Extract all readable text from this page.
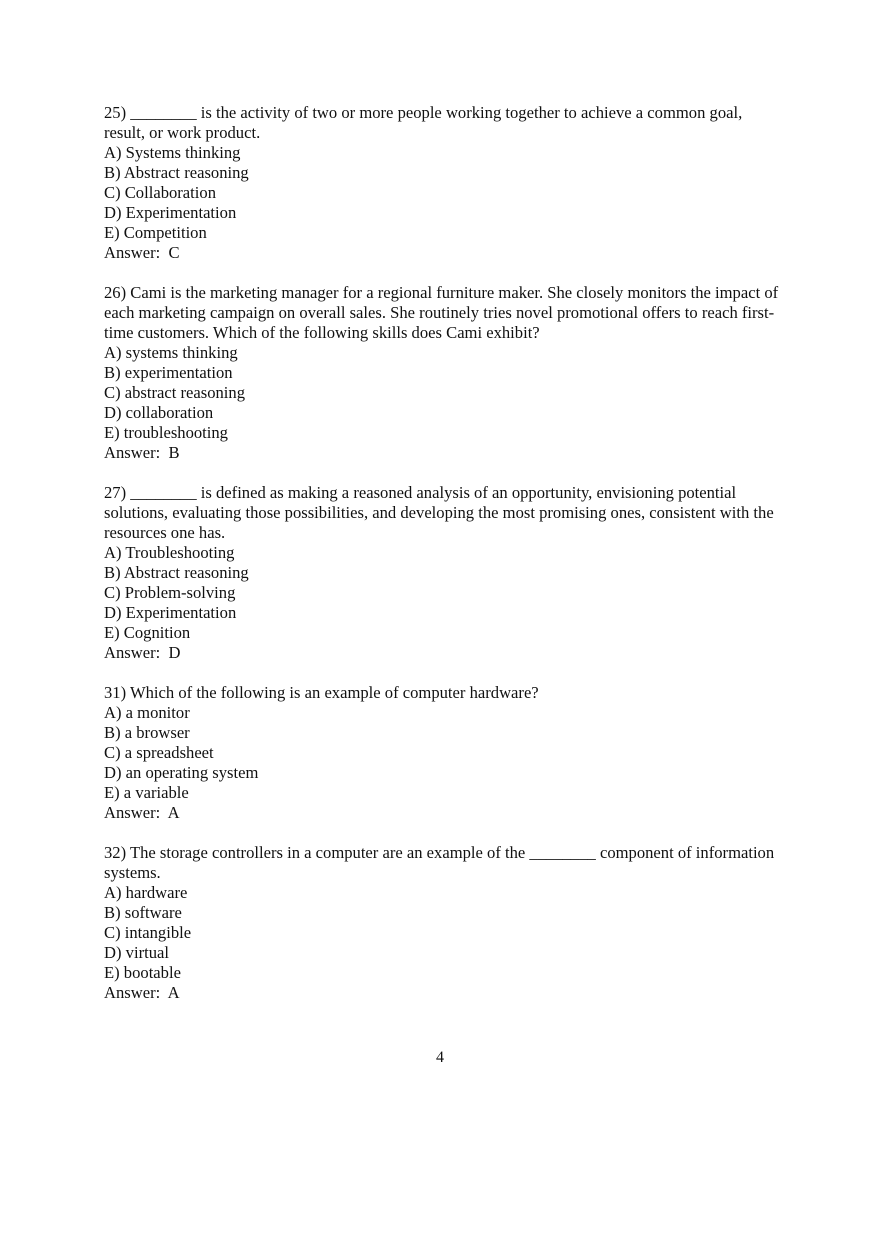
25) ________ is the activity of two or more people working together to achieve a common goal, result, or work product.

A) Systems thinking
B) Abstract reasoning
C) Collaboration
D) Experimentation
E) Competition

Answer:  C

26) Cami is the marketing manager for a regional furniture maker. She closely monitors the impact of each marketing campaign on overall sales. She routinely tries novel promotional offers to reach first-time customers. Which of the following skills does Cami exhibit?

A) systems thinking
B) experimentation
C) abstract reasoning
D) collaboration
E) troubleshooting

Answer:  B

27) ________ is defined as making a reasoned analysis of an opportunity, envisioning potential solutions, evaluating those possibilities, and developing the most promising ones, consistent with the resources one has.

A) Troubleshooting
B) Abstract reasoning
C) Problem-solving
D) Experimentation
E) Cognition

Answer:  D

31) Which of the following is an example of computer hardware?

A) a monitor
B) a browser
C) a spreadsheet
D) an operating system
E) a variable

Answer:  A

32) The storage controllers in a computer are an example of the ________ component of information systems.

A) hardware
B) software
C) intangible
D) virtual
E) bootable

Answer:  A

4
